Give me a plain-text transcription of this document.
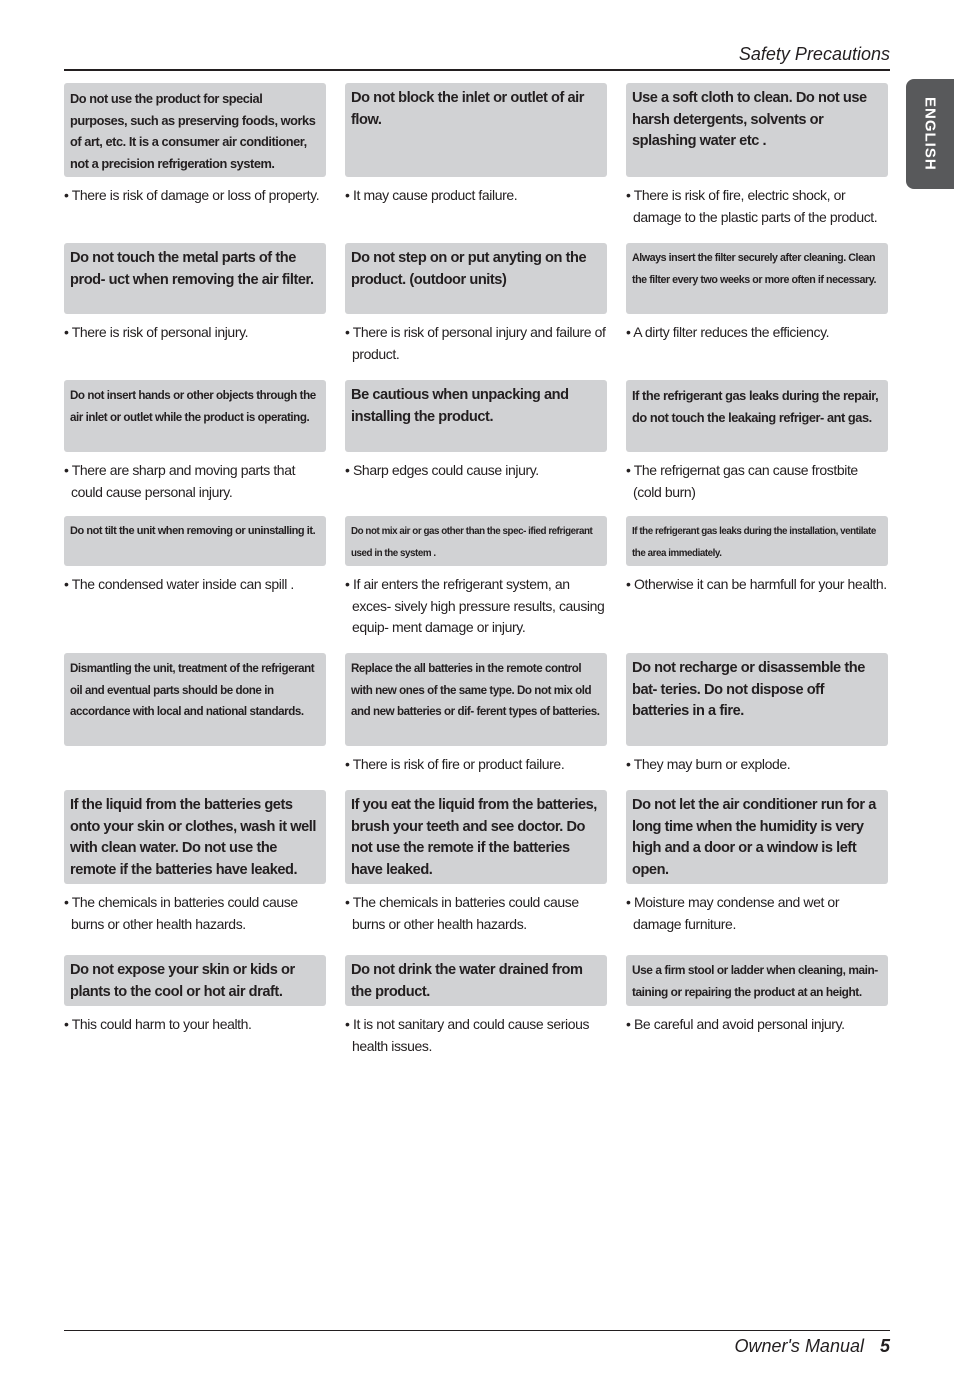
Safety Precautions
ENGLISH
Do not use the product for special purposes, such as preserving foods, works of art, etc. It is a consumer air conditioner, not a precision refrigeration system.
• There is risk of damage or loss of property.
Do not block the inlet or outlet of air flow.
• It may cause product failure.
Use a soft cloth to clean. Do not use harsh detergents, solvents or splashing water etc .
• There is risk of fire, electric shock, or damage to the plastic parts of the product.
Do not touch the metal parts of the prod- uct when removing the air filter.
• There is risk of personal injury.
Do not step on or put anyting on the product. (outdoor units)
• There is risk of personal injury and failure of product.
Always insert the filter securely after cleaning. Clean the filter every two weeks or more often if necessary.
• A dirty filter reduces the efficiency.
Do not insert hands or other objects through the air inlet or outlet while the product is operating.
• There are sharp and moving parts that could cause personal injury.
Be cautious when unpacking and installing the product.
• Sharp edges could cause injury.
If the refrigerant gas leaks during the repair, do not touch the leakaing refriger- ant gas.
• The refrigernat gas can cause frostbite (cold burn)
Do not tilt the unit when removing or uninstalling it.
• The condensed water inside can spill .
Do not mix air or gas other than the spec- ified refrigerant used in the system .
• If air enters the refrigerant system, an exces- sively high pressure results, causing equip- ment damage or injury.
If the refrigerant gas leaks during the installation, ventilate the area immediately.
• Otherwise it can be harmfull for your health.
Dismantling the unit, treatment of the refrigerant oil and eventual parts should be done in accordance with local and national standards.
Replace the all batteries in the remote control with new ones of the same type. Do not mix old and new batteries or dif- ferent types of batteries.
• There is risk of fire or product failure.
Do not recharge or disassemble the bat- teries. Do not dispose off batteries in a fire.
• They may burn or explode.
If the liquid from the batteries gets onto your skin or clothes, wash it well with clean water. Do not use the remote if the batteries have leaked.
• The chemicals in batteries could cause burns or other health hazards.
If you eat the liquid from the batteries, brush your teeth and see doctor. Do not use the remote if the batteries have leaked.
• The chemicals in batteries could cause burns or other health hazards.
Do not let the air conditioner run for a long time when the humidity is very high and a door or a window is left open.
• Moisture may condense and wet or damage furniture.
Do not expose your skin or kids or plants to the cool or hot air draft.
• This could harm to your health.
Do not drink the water drained from the product.
• It is not sanitary and could cause serious health issues.
Use a firm stool or ladder when cleaning, main- taining or repairing the product at an height.
• Be careful and avoid personal injury.
Owner's Manual 5
